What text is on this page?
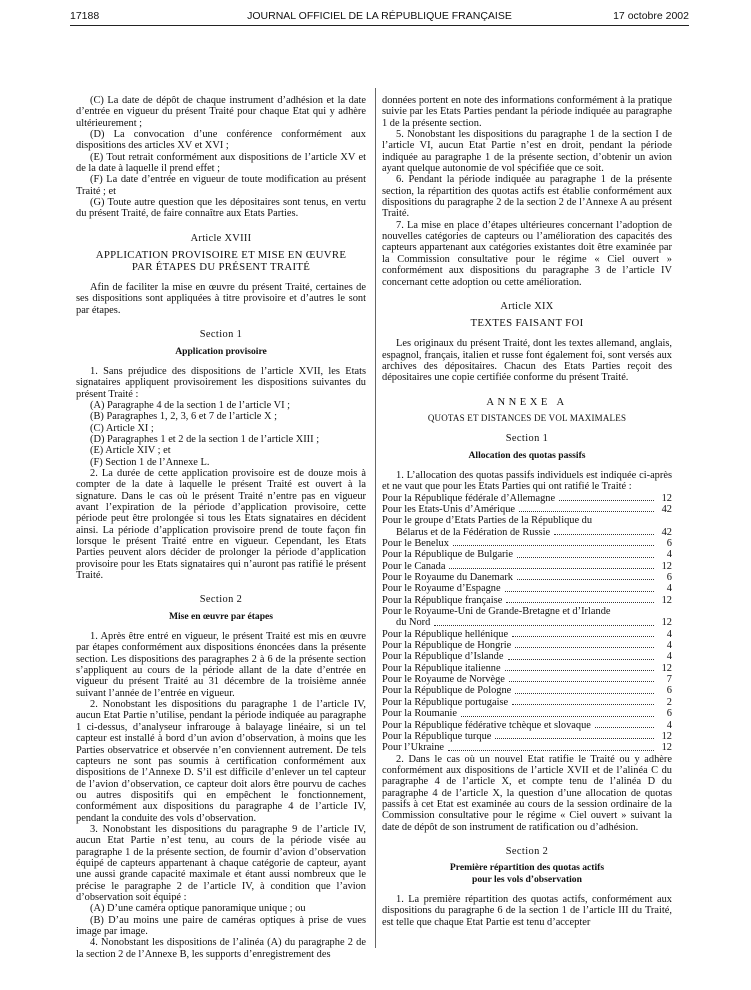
17188	JOURNAL OFFICIEL DE LA RÉPUBLIQUE FRANÇAISE	17 octobre 2002

(C) La date de dépôt de chaque instrument d’adhésion et la date d’entrée en vigueur du présent Traité pour chaque Etat qui y adhère ultérieurement ;

(D) La convocation d’une conférence conformément aux dispositions des articles XV et XVI ;

(E) Tout retrait conformément aux dispositions de l’article XV et de la date à laquelle il prend effet ;

(F) La date d’entrée en vigueur de toute modification au présent Traité ; et

(G) Toute autre question que les dépositaires sont tenus, en vertu du présent Traité, de faire connaître aux Etats Parties.

Article XVIII

APPLICATION PROVISOIRE ET MISE EN ŒUVRE

PAR ÉTAPES DU PRÉSENT TRAITÉ

Afin de faciliter la mise en œuvre du présent Traité, certaines de ses dispositions sont appliquées à titre provisoire et d’autres le sont par étapes.

Section 1

Application provisoire

1. Sans préjudice des dispositions de l’article XVII, les Etats signataires appliquent provisoirement les dispositions suivantes du présent Traité :

(A) Paragraphe 4 de la section 1 de l’article VI ;

(B) Paragraphes 1, 2, 3, 6 et 7 de l’article X ;

(C) Article XI ;

(D) Paragraphes 1 et 2 de la section 1 de l’article XIII ;

(E) Article XIV ; et

(F) Section 1 de l’Annexe L.

2. La durée de cette application provisoire est de douze mois à compter de la date à laquelle le présent Traité est ouvert à la signature. Dans le cas où le présent Traité n’entre pas en vigueur avant l’expiration de la période d’application provisoire, cette période peut être prolongée si tous les Etats signataires en décident ainsi. La période d’application provisoire prend de toute façon fin lorsque le présent Traité entre en vigueur. Cependant, les Etats Parties peuvent alors décider de prolonger la période d’application provisoire pour les Etats signataires qui n’auront pas ratifié le présent Traité.

Section 2

Mise en œuvre par étapes

1. Après être entré en vigueur, le présent Traité est mis en œuvre par étapes conformément aux dispositions énoncées dans la présente section. Les dispositions des paragraphes 2 à 6 de la présente section s’appliquent au cours de la période allant de la date d’entrée en vigueur du présent Traité au 31 décembre de la troisième année suivant l’année de l’entrée en vigueur.

2. Nonobstant les dispositions du paragraphe 1 de l’article IV, aucun Etat Partie n’utilise, pendant la période indiquée au paragraphe 1 ci-dessus, d’analyseur infrarouge à balayage linéaire, si un tel capteur est installé à bord d’un avion d’observation, à moins que les Parties observatrice et observée n’en conviennent autrement. De tels capteurs ne sont pas soumis à certification conformément aux dispositions de l’Annexe D. S’il est difficile d’enlever un tel capteur de l’avion d’observation, ce capteur doit alors être pourvu de caches ou autres dispositifs qui en empêchent le fonctionnement, conformément aux dispositions du paragraphe 4 de l’article IV, pendant la conduite des vols d’observation.

3. Nonobstant les dispositions du paragraphe 9 de l’article IV, aucun Etat Partie n’est tenu, au cours de la période visée au paragraphe 1 de la présente section, de fournir d’avion d’observation équipé de capteurs appartenant à chaque catégorie de capteur, ayant une aussi grande capacité maximale et étant aussi nombreux que le précise le paragraphe 2 de l’article IV, à condition que l’avion d’observation soit équipé :

(A) D’une caméra optique panoramique unique ; ou

(B) D’au moins une paire de caméras optiques à prise de vues image par image.

4. Nonobstant les dispositions de l’alinéa (A) du paragraphe 2 de la section 2 de l’Annexe B, les supports d’enregistrement des

données portent en note des informations conformément à la pratique suivie par les Etats Parties pendant la période indiquée au paragraphe 1 de la présente section.

5. Nonobstant les dispositions du paragraphe 1 de la section I de l’article VI, aucun Etat Partie n’est en droit, pendant la période indiquée au paragraphe 1 de la présente section, d’obtenir un avion ayant quelque autonomie de vol spécifiée que ce soit.

6. Pendant la période indiquée au paragraphe 1 de la présente section, la répartition des quotas actifs est établie conformément aux dispositions du paragraphe 2 de la section 2 de l’Annexe A au présent Traité.

7. La mise en place d’étapes ultérieures concernant l’adoption de nouvelles catégories de capteurs ou l’amélioration des capacités des capteurs appartenant aux catégories existantes doit être examinée par la Commission consultative pour le régime « Ciel ouvert » conformément aux dispositions du paragraphe 3 de l’article IV concernant cette adoption ou cette amélioration.

Article XIX

TEXTES FAISANT FOI

Les originaux du présent Traité, dont les textes allemand, anglais, espagnol, français, italien et russe font également foi, sont versés aux archives des dépositaires. Chacun des Etats Parties reçoit des dépositaires une copie certifiée conforme du présent Traité.

ANNEXE A

QUOTAS ET DISTANCES DE VOL MAXIMALES

Section 1

Allocation des quotas passifs

1. L’allocation des quotas passifs individuels est indiquée ci-après et ne vaut que pour les Etats Parties qui ont ratifié le Traité :

Pour la République fédérale d’Allemagne	12
Pour les Etats-Unis d’Amérique	42
Pour le groupe d’Etats Parties de la République du
Bélarus et de la Fédération de Russie	42
Pour le Benelux	6
Pour la République de Bulgarie	4
Pour le Canada	12
Pour le Royaume du Danemark	6
Pour le Royaume d’Espagne	4
Pour la République française	12
Pour le Royaume-Uni de Grande-Bretagne et d’Irlande
du Nord	12
Pour la République hellénique	4
Pour la République de Hongrie	4
Pour la République d’Islande	4
Pour la République italienne	12
Pour le Royaume de Norvège	7
Pour la République de Pologne	6
Pour la République portugaise	2
Pour la Roumanie	6
Pour la République fédérative tchèque et slovaque	4
Pour la République turque	12
Pour l’Ukraine	12

2. Dans le cas où un nouvel Etat ratifie le Traité ou y adhère conformément aux dispositions de l’article XVII et de l’alinéa C du paragraphe 4 de l’article X, et compte tenu de l’alinéa D du paragraphe 4 de l’article X, la question d’une allocation de quotas passifs à cet Etat est examinée au cours de la session ordinaire de la Commission consultative pour le régime « Ciel ouvert » suivant la date de dépôt de son instrument de ratification ou d’adhésion.

Section 2

Première répartition des quotas actifs

pour les vols d’observation

1. La première répartition des quotas actifs, conformément aux dispositions du paragraphe 6 de la section 1 de l’article III du Traité, est telle que chaque Etat Partie est tenu d’accepter
